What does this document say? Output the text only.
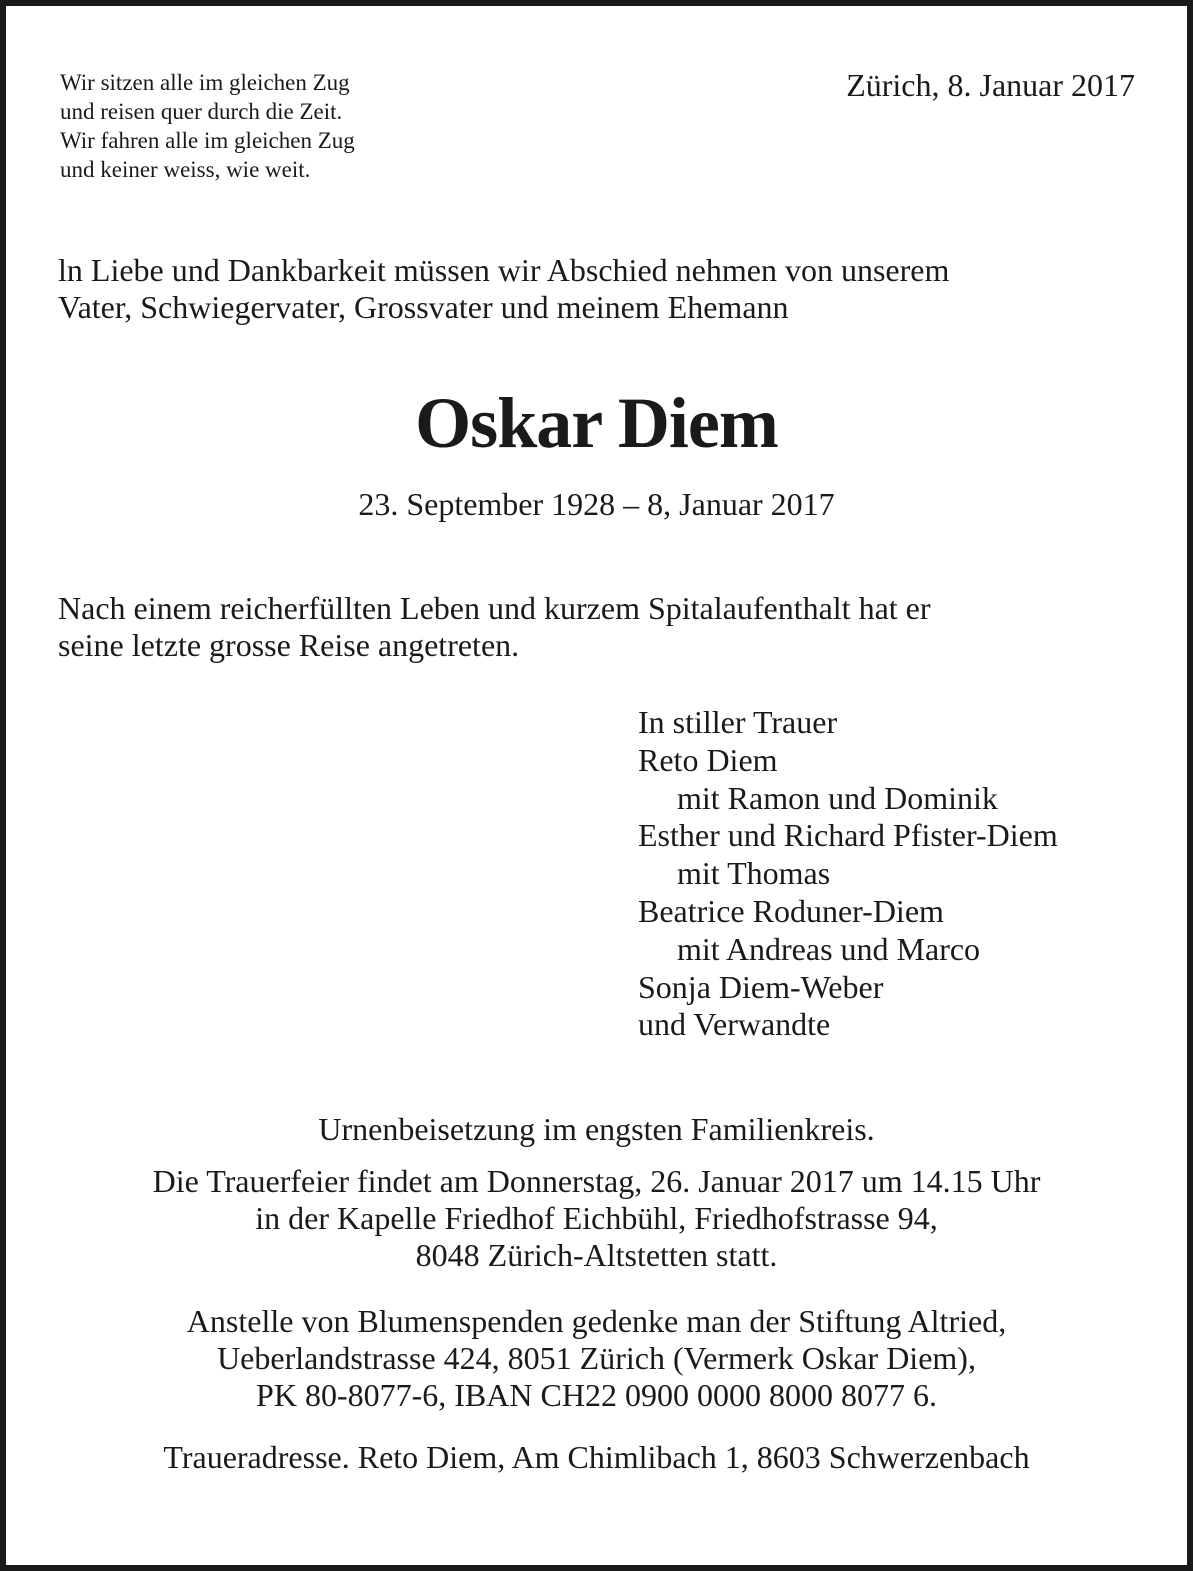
Wir sitzen alle im gleichen Zug
und reisen quer durch die Zeit.
Wir fahren alle im gleichen Zug
und keiner weiss, wie weit.
Zürich, 8. Januar 2017
ln Liebe und Dankbarkeit müssen wir Abschied nehmen von unserem
Vater, Schwiegervater, Grossvater und meinem Ehemann
Oskar Diem
23. September 1928 – 8, Januar 2017
Nach einem reicherfüllten Leben und kurzem Spitalaufenthalt hat er
seine letzte grosse Reise angetreten.
In stiller Trauer
Reto Diem
mit Ramon und Dominik
Esther und Richard Pfister-Diem
mit Thomas
Beatrice Roduner-Diem
mit Andreas und Marco
Sonja Diem-Weber
und Verwandte
Urnenbeisetzung im engsten Familienkreis.
Die Trauerfeier findet am Donnerstag, 26. Januar 2017 um 14.15 Uhr
in der Kapelle Friedhof Eichbühl, Friedhofstrasse 94,
8048 Zürich-Altstetten statt.
Anstelle von Blumenspenden gedenke man der Stiftung Altried,
Ueberlandstrasse 424, 8051 Zürich (Vermerk Oskar Diem),
PK 80-8077-6, IBAN CH22 0900 0000 8000 8077 6.
Traueradresse. Reto Diem, Am Chimlibach 1, 8603 Schwerzenbach
